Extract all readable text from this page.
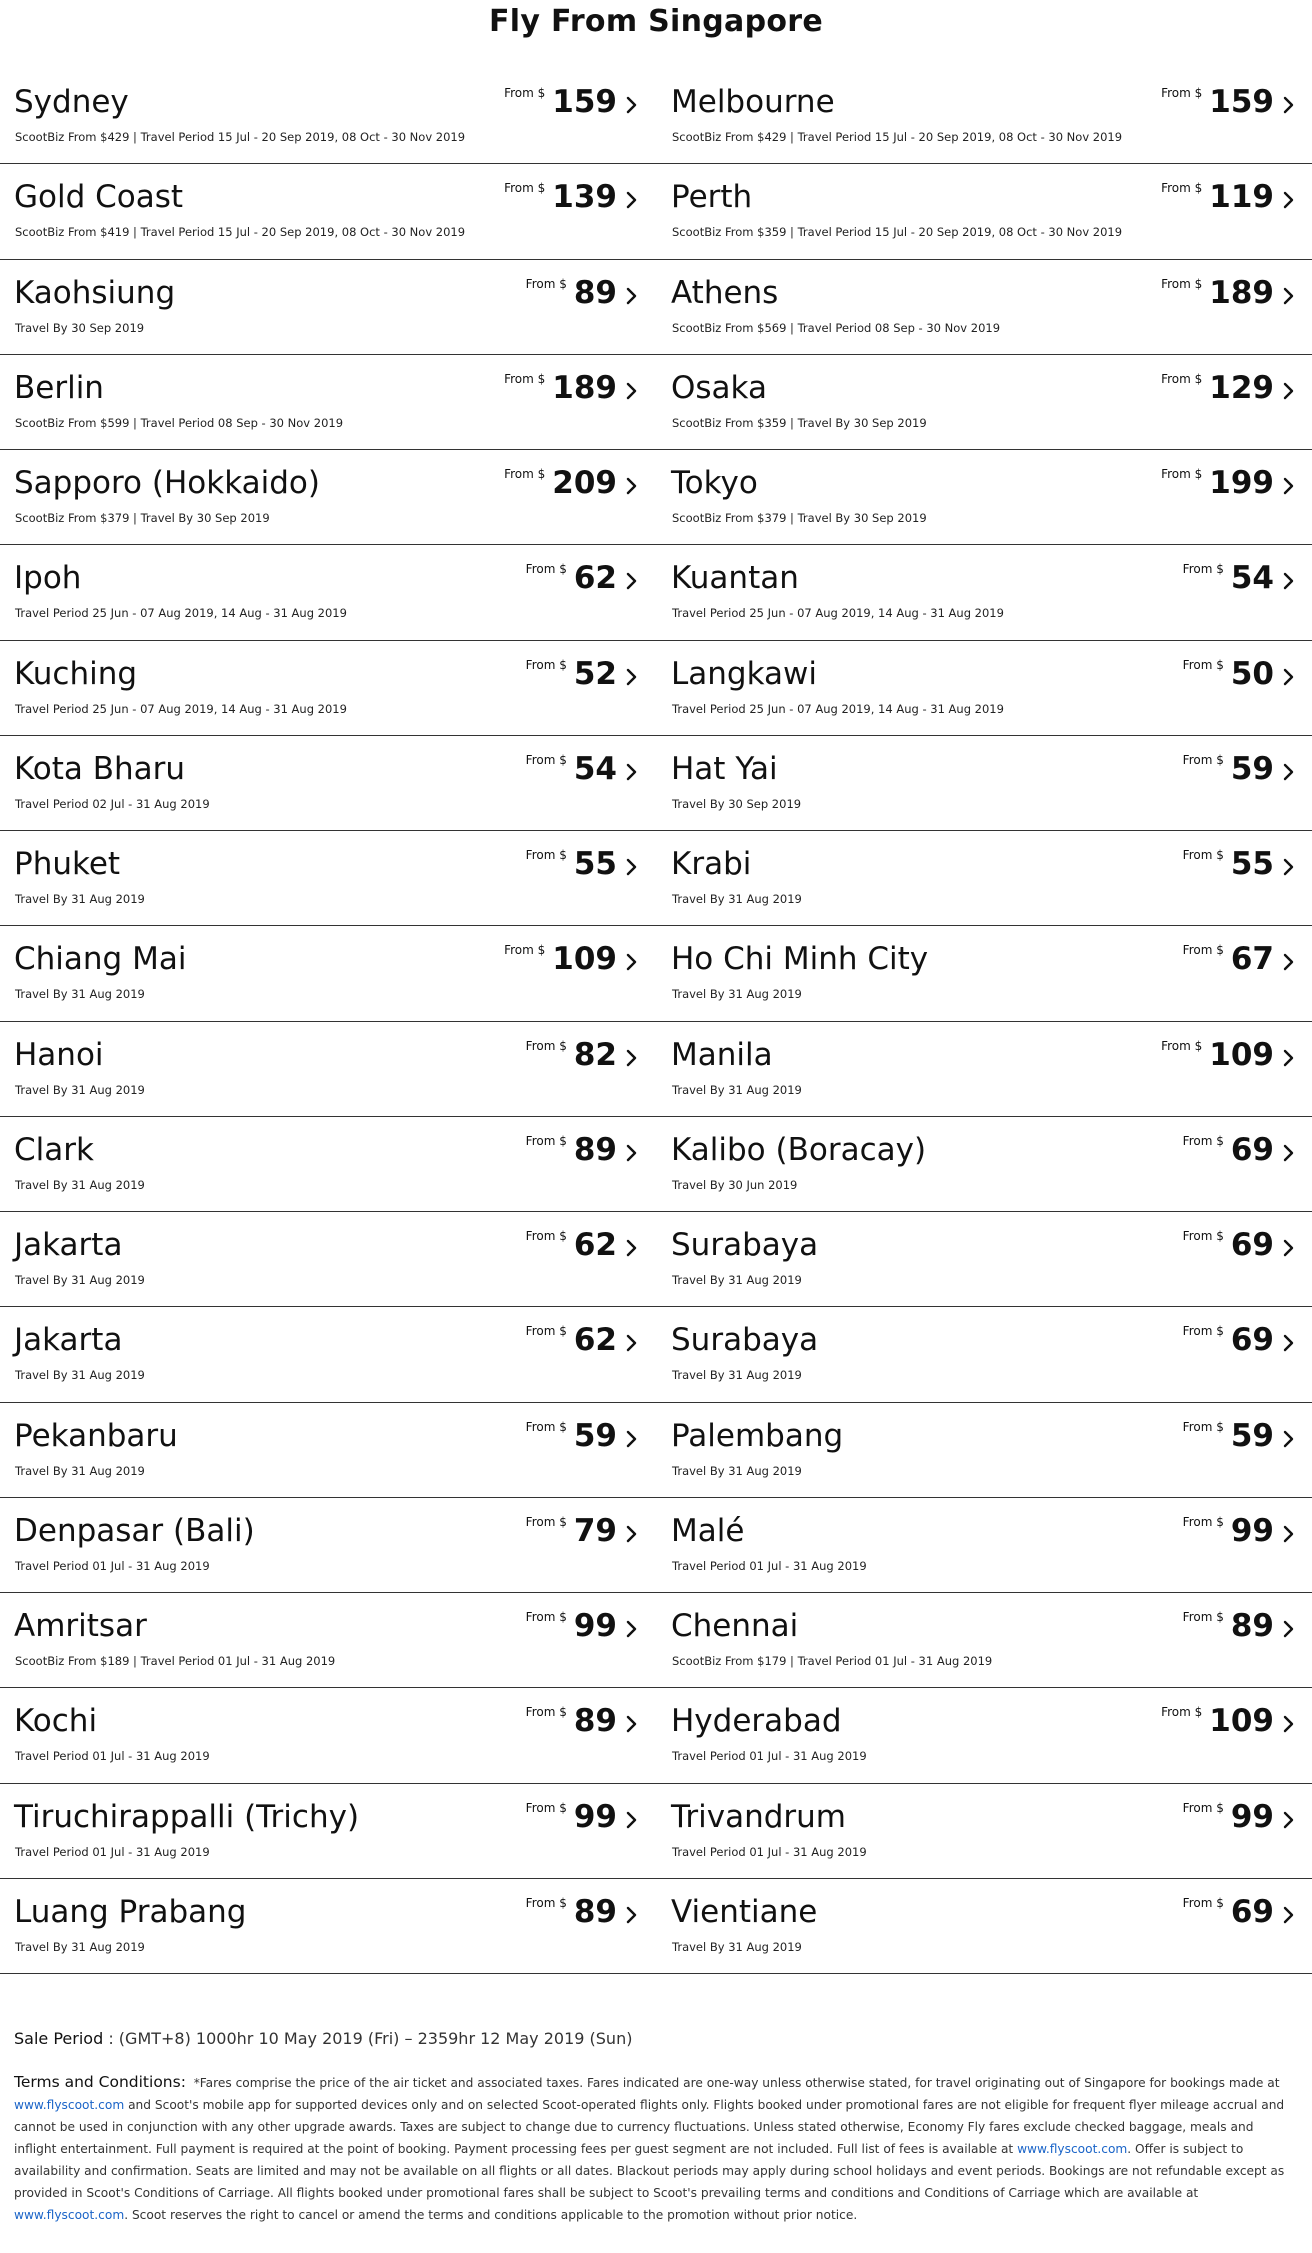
Fly From Singapore
Sydney	From $ 159
ScootBiz From $429 | Travel Period 15 Jul - 20 Sep 2019, 08 Oct - 30 Nov 2019
Melbourne	From $ 159
ScootBiz From $429 | Travel Period 15 Jul - 20 Sep 2019, 08 Oct - 30 Nov 2019
Gold Coast	From $ 139
ScootBiz From $419 | Travel Period 15 Jul - 20 Sep 2019, 08 Oct - 30 Nov 2019
Perth	From $ 119
ScootBiz From $359 | Travel Period 15 Jul - 20 Sep 2019, 08 Oct - 30 Nov 2019
Kaohsiung	From $ 89
Travel By 30 Sep 2019
Athens	From $ 189
ScootBiz From $569 | Travel Period 08 Sep - 30 Nov 2019
Berlin	From $ 189
ScootBiz From $599 | Travel Period 08 Sep - 30 Nov 2019
Osaka	From $ 129
ScootBiz From $359 | Travel By 30 Sep 2019
Sapporo (Hokkaido)	From $ 209
ScootBiz From $379 | Travel By 30 Sep 2019
Tokyo	From $ 199
ScootBiz From $379 | Travel By 30 Sep 2019
Ipoh	From $ 62
Travel Period 25 Jun - 07 Aug 2019, 14 Aug - 31 Aug 2019
Kuantan	From $ 54
Travel Period 25 Jun - 07 Aug 2019, 14 Aug - 31 Aug 2019
Kuching	From $ 52
Travel Period 25 Jun - 07 Aug 2019, 14 Aug - 31 Aug 2019
Langkawi	From $ 50
Travel Period 25 Jun - 07 Aug 2019, 14 Aug - 31 Aug 2019
Kota Bharu	From $ 54
Travel Period 02 Jul - 31 Aug 2019
Hat Yai	From $ 59
Travel By 30 Sep 2019
Phuket	From $ 55
Travel By 31 Aug 2019
Krabi	From $ 55
Travel By 31 Aug 2019
Chiang Mai	From $ 109
Travel By 31 Aug 2019
Ho Chi Minh City	From $ 67
Travel By 31 Aug 2019
Hanoi	From $ 82
Travel By 31 Aug 2019
Manila	From $ 109
Travel By 31 Aug 2019
Clark	From $ 89
Travel By 31 Aug 2019
Kalibo (Boracay)	From $ 69
Travel By 30 Jun 2019
Jakarta	From $ 62
Travel By 31 Aug 2019
Surabaya	From $ 69
Travel By 31 Aug 2019
Jakarta	From $ 62
Travel By 31 Aug 2019
Surabaya	From $ 69
Travel By 31 Aug 2019
Pekanbaru	From $ 59
Travel By 31 Aug 2019
Palembang	From $ 59
Travel By 31 Aug 2019
Denpasar (Bali)	From $ 79
Travel Period 01 Jul - 31 Aug 2019
Malé	From $ 99
Travel Period 01 Jul - 31 Aug 2019
Amritsar	From $ 99
ScootBiz From $189 | Travel Period 01 Jul - 31 Aug 2019
Chennai	From $ 89
ScootBiz From $179 | Travel Period 01 Jul - 31 Aug 2019
Kochi	From $ 89
Travel Period 01 Jul - 31 Aug 2019
Hyderabad	From $ 109
Travel Period 01 Jul - 31 Aug 2019
Tiruchirappalli (Trichy)	From $ 99
Travel Period 01 Jul - 31 Aug 2019
Trivandrum	From $ 99
Travel Period 01 Jul - 31 Aug 2019
Luang Prabang	From $ 89
Travel By 31 Aug 2019
Vientiane	From $ 69
Travel By 31 Aug 2019
Sale Period : (GMT+8) 1000hr 10 May 2019 (Fri) – 2359hr 12 May 2019 (Sun)
Terms and Conditions: *Fares comprise the price of the air ticket and associated taxes. Fares indicated are one-way unless otherwise stated, for travel originating out of Singapore for bookings made at www.flyscoot.com and Scoot's mobile app for supported devices only and on selected Scoot-operated flights only. Flights booked under promotional fares are not eligible for frequent flyer mileage accrual and cannot be used in conjunction with any other upgrade awards. Taxes are subject to change due to currency fluctuations. Unless stated otherwise, Economy Fly fares exclude checked baggage, meals and inflight entertainment. Full payment is required at the point of booking. Payment processing fees per guest segment are not included. Full list of fees is available at www.flyscoot.com. Offer is subject to availability and confirmation. Seats are limited and may not be available on all flights or all dates. Blackout periods may apply during school holidays and event periods. Bookings are not refundable except as provided in Scoot's Conditions of Carriage. All flights booked under promotional fares shall be subject to Scoot's prevailing terms and conditions and Conditions of Carriage which are available at www.flyscoot.com. Scoot reserves the right to cancel or amend the terms and conditions applicable to the promotion without prior notice.
